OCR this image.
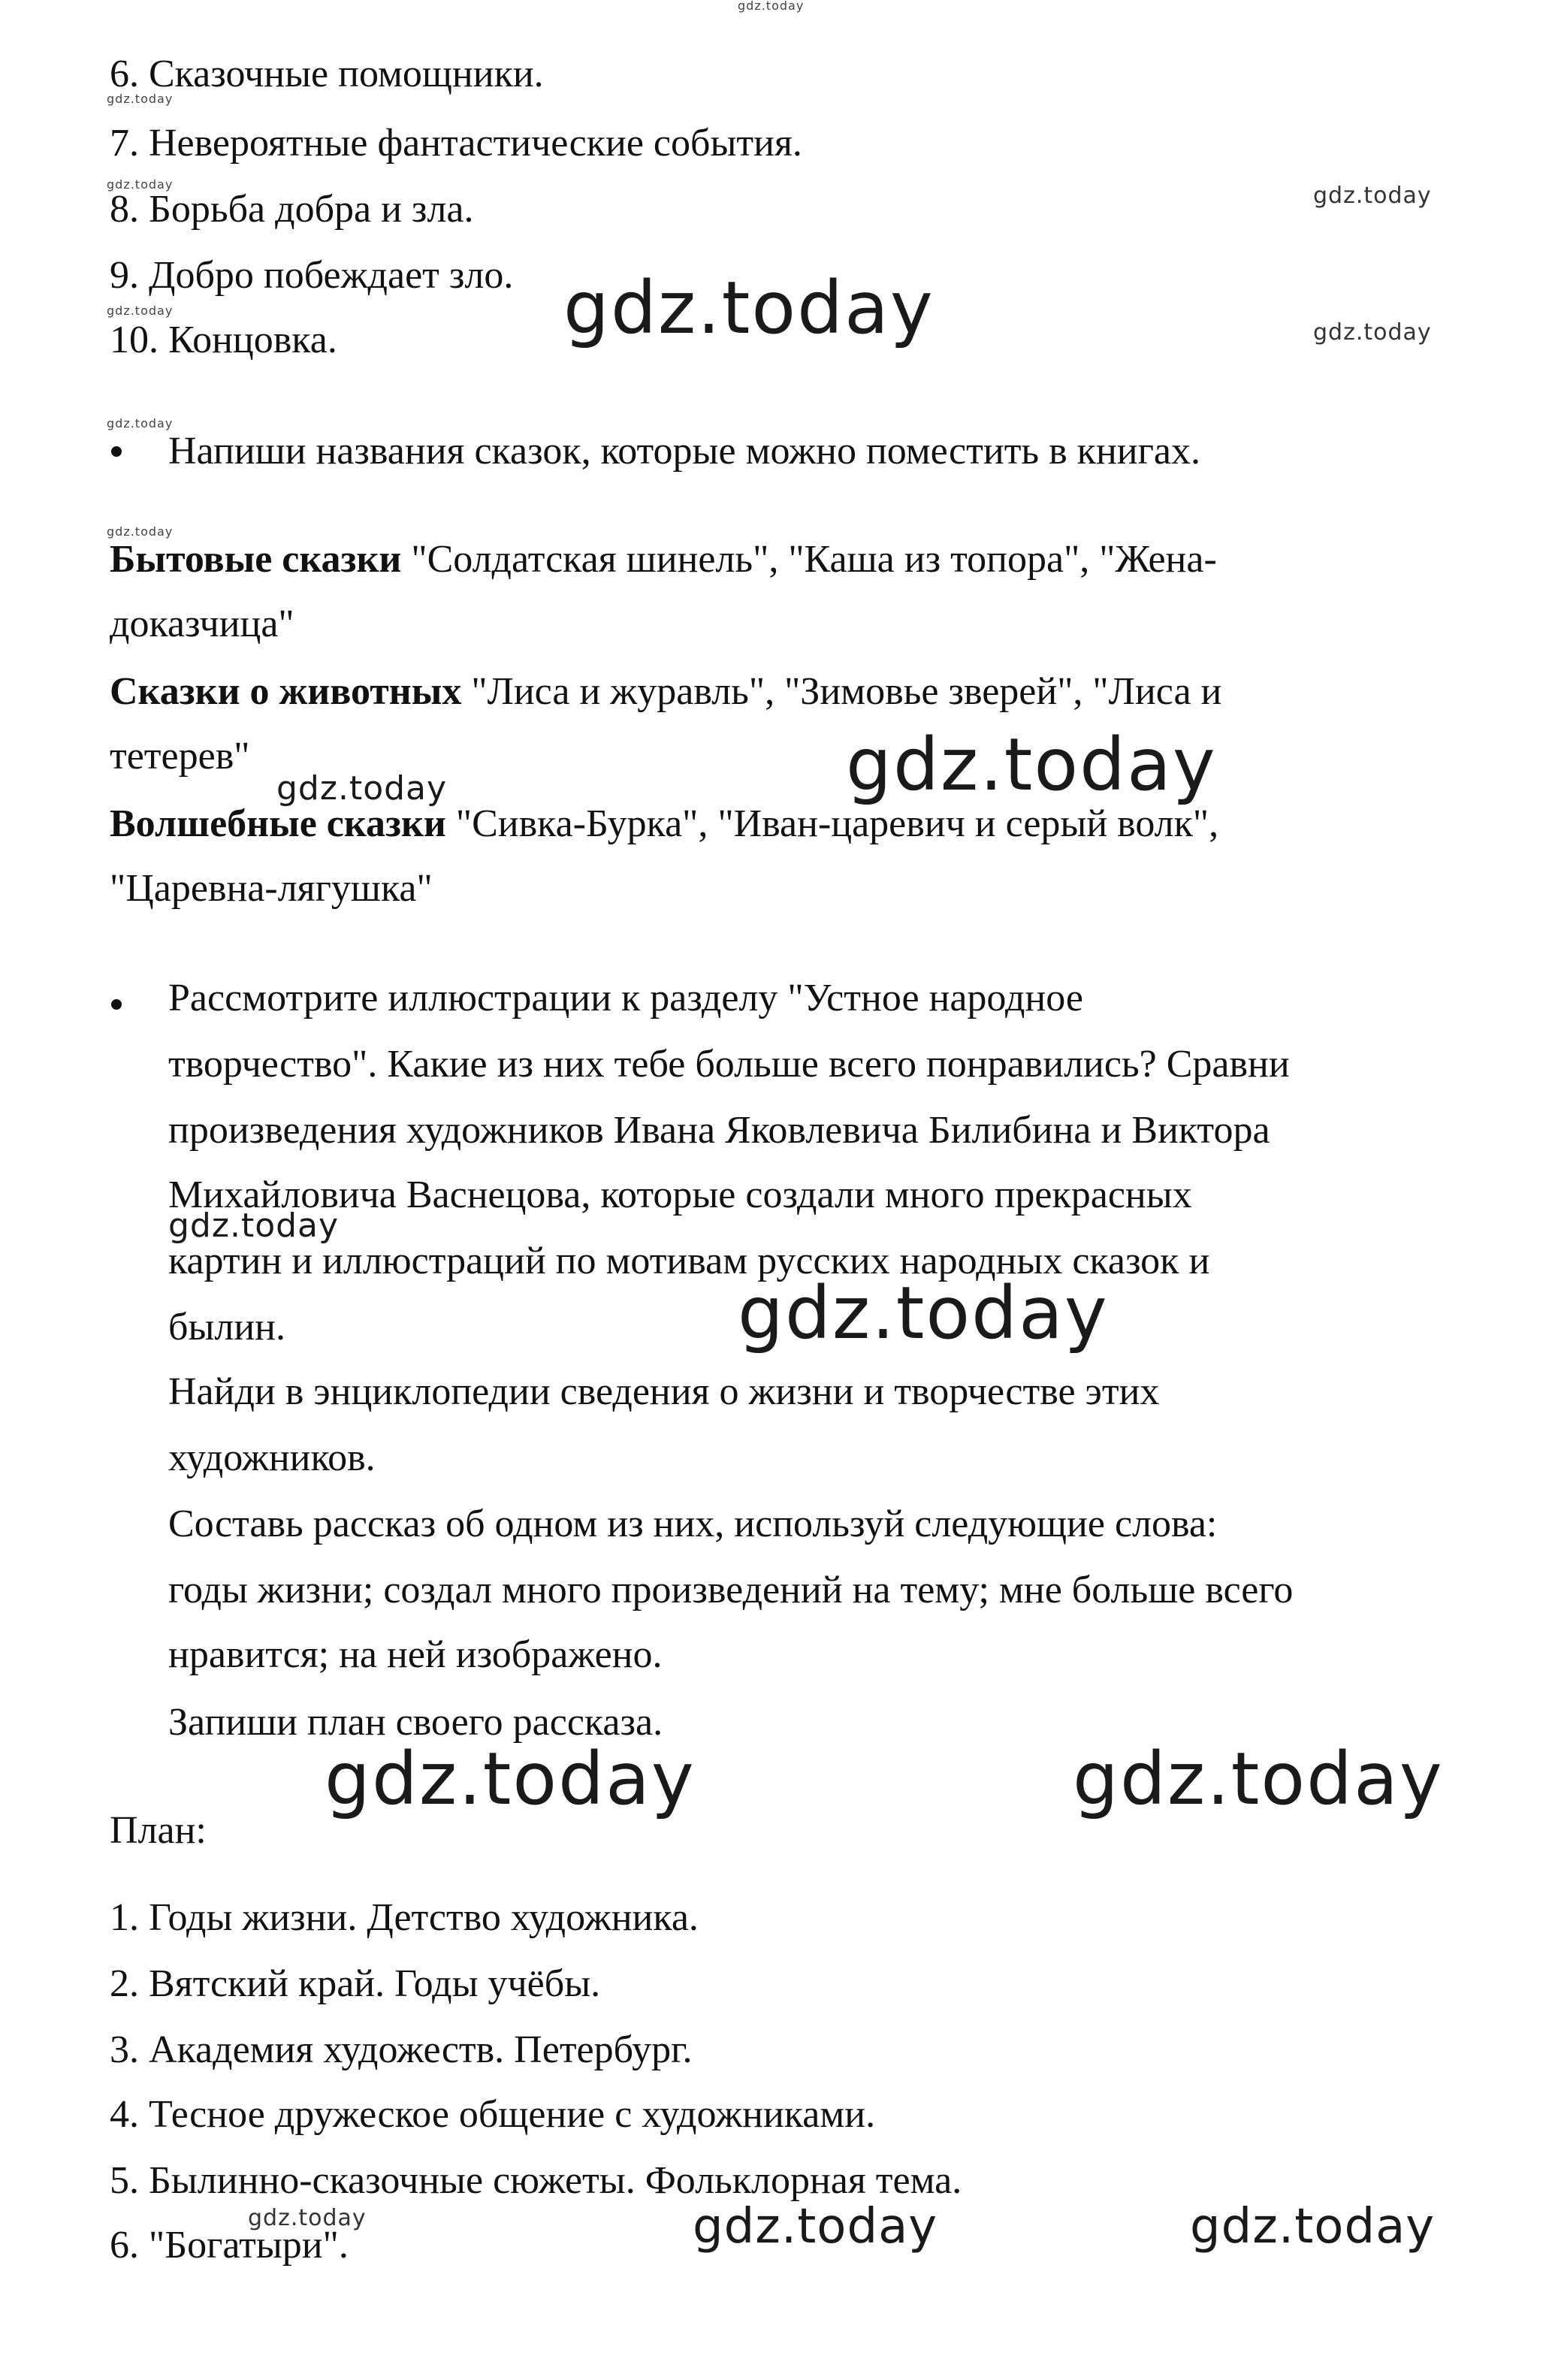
gdz.today
gdz.today
gdz.today
gdz.today
gdz.today
gdz.today
gdz.today
gdz.today
gdz.today
gdz.today	gdz.today
gdz.today
gdz.today
gdz.today	gdz.today
gdz.today	gdz.today	gdz.today
6. Сказочные помощники.
7. Невероятные фантастические события.
8. Борьба добра и зла.
9. Добро побеждает зло.
10. Концовка.
Напиши названия сказок, которые можно поместить в книгах.
Бытовые сказки "Солдатская шинель", "Каша из топора", "Жена-
доказчица"
Сказки о животных "Лиса и журавль", "Зимовье зверей", "Лиса и
тетерев"
Волшебные сказки "Сивка-Бурка", "Иван-царевич и серый волк",
"Царевна-лягушка"
Рассмотрите иллюстрации к разделу "Устное народное
творчество". Какие из них тебе больше всего понравились? Сравни
произведения художников Ивана Яковлевича Билибина и Виктора
Михайловича Васнецова, которые создали много прекрасных
картин и иллюстраций по мотивам русских народных сказок и
былин.
Найди в энциклопедии сведения о жизни и творчестве этих
художников.
Составь рассказ об одном из них, используй следующие слова:
годы жизни; создал много произведений на тему; мне больше всего
нравится; на ней изображено.
Запиши план своего рассказа.
План:
1. Годы жизни. Детство художника.
2. Вятский край. Годы учёбы.
3. Академия художеств. Петербург.
4. Тесное дружеское общение с художниками.
5. Былинно-сказочные сюжеты. Фольклорная тема.
6. "Богатыри".
